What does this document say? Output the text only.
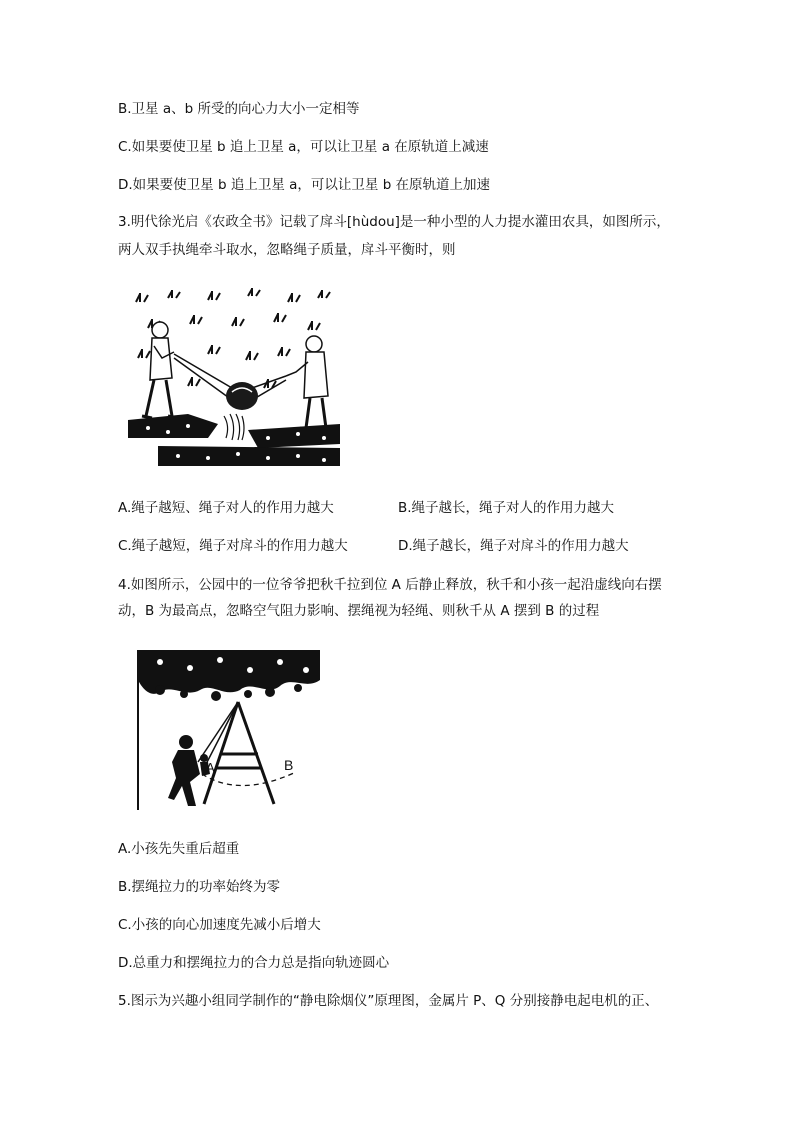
B.卫星 a、b 所受的向心力大小一定相等
C.如果要使卫星 b 追上卫星 a，可以让卫星 a 在原轨道上减速
D.如果要使卫星 b 追上卫星 a，可以让卫星 b 在原轨道上加速
3.明代徐光启《农政全书》记载了戽斗[hùdou]是一种小型的人力提水灌田农具，如图所示，
两人双手执绳牵斗取水，忽略绳子质量，戽斗平衡时，则
A.绳子越短、绳子对人的作用力越大	B.绳子越长，绳子对人的作用力越大
C.绳子越短，绳子对戽斗的作用力越大	D.绳子越长，绳子对戽斗的作用力越大
4.如图所示，公园中的一位爷爷把秋千拉到位 A 后静止释放，秋千和小孩一起沿虚线向右摆
动，B 为最高点，忽略空气阻力影响、摆绳视为轻绳、则秋千从 A 摆到 B 的过程
A	B
A.小孩先失重后超重
B.摆绳拉力的功率始终为零
C.小孩的向心加速度先减小后增大
D.总重力和摆绳拉力的合力总是指向轨迹圆心
5.图示为兴趣小组同学制作的“静电除烟仪”原理图，金属片 P、Q 分别接静电起电机的正、
